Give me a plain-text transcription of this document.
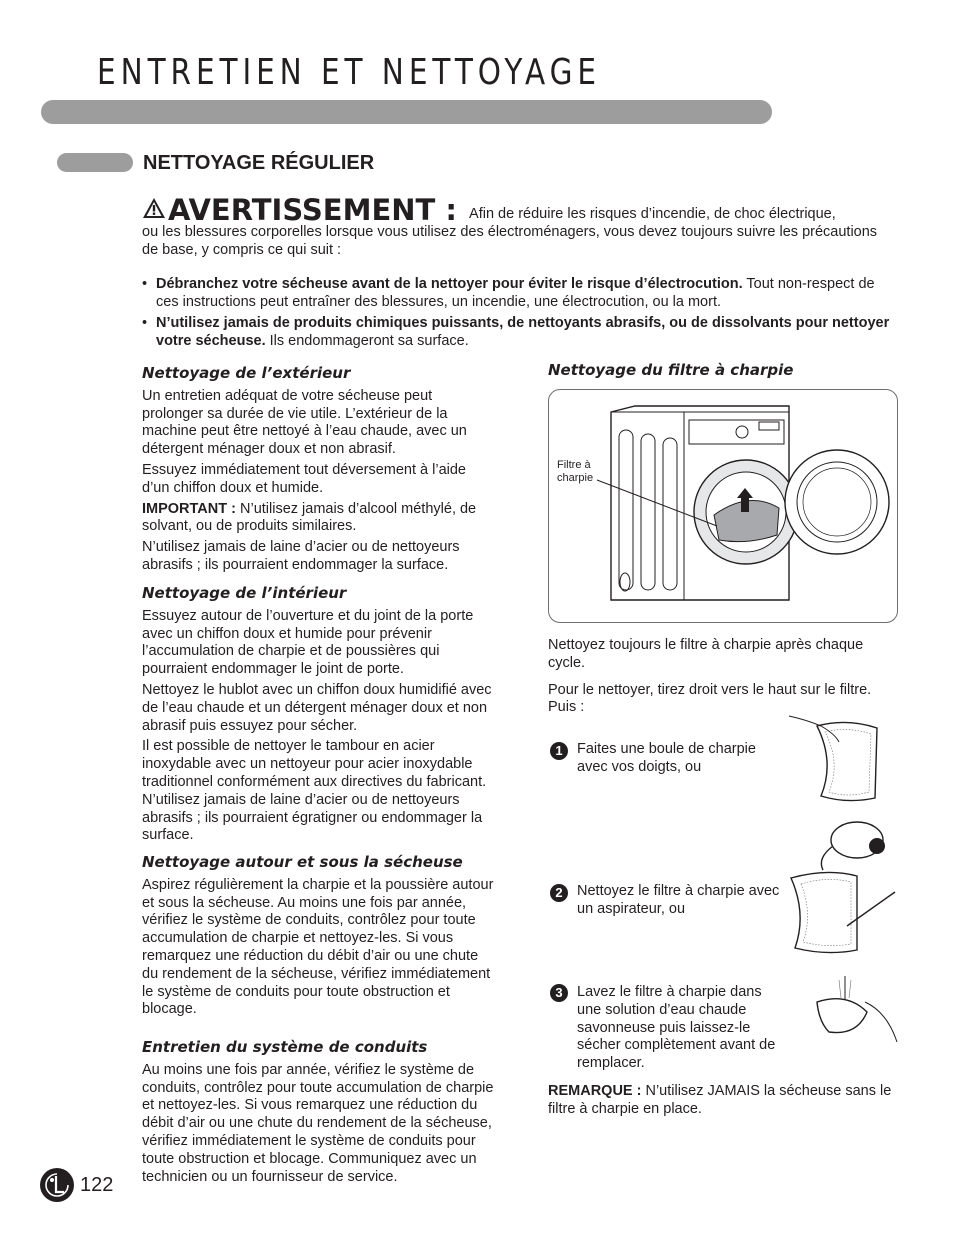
ENTRETIEN ET NETTOYAGE
NETTOYAGE RÉGULIER
AVERTISSEMENT : Afin de réduire les risques d’incendie, de choc électrique,
ou les blessures corporelles lorsque vous utilisez des électroménagers, vous devez toujours suivre les précautions de base, y compris ce qui suit :
• Débranchez votre sécheuse avant de la nettoyer pour éviter le risque d’électrocution. Tout non-respect de ces instructions peut entraîner des blessures, un incendie, une électrocution, ou la mort.
• N’utilisez jamais de produits chimiques puissants, de nettoyants abrasifs, ou de dissolvants pour nettoyer votre sécheuse. Ils endommageront sa surface.

Nettoyage de l’extérieur

Un entretien adéquat de votre sécheuse peut prolonger sa durée de vie utile. L’extérieur de la machine peut être nettoyé à l’eau chaude, avec un détergent ménager doux et non abrasif.

Essuyez immédiatement tout déversement à l’aide d’un chiffon doux et humide.

IMPORTANT : N’utilisez jamais d’alcool méthylé, de solvant, ou de produits similaires.

N’utilisez jamais de laine d’acier ou de nettoyeurs abrasifs ; ils pourraient endommager la surface.

Nettoyage de l’intérieur

Essuyez autour de l’ouverture et du joint de la porte avec un chiffon doux et humide pour prévenir l’accumulation de charpie et de poussières qui pourraient endommager le joint de porte.

Nettoyez le hublot avec un chiffon doux humidifié avec de l’eau chaude et un détergent ménager doux et non abrasif puis essuyez pour sécher.

Il est possible de nettoyer le tambour en acier inoxydable avec un nettoyeur pour acier inoxydable traditionnel conformément aux directives du fabricant. N’utilisez jamais de laine d’acier ou de nettoyeurs abrasifs ; ils pourraient égratigner ou endommager la surface.

Nettoyage autour et sous la sécheuse

Aspirez régulièrement la charpie et la poussière autour et sous la sécheuse. Au moins une fois par année, vérifiez le système de conduits, contrôlez pour toute accumulation de charpie et nettoyez-les. Si vous remarquez une réduction du débit d’air ou une chute du rendement de la sécheuse, vérifiez immédiatement le système de conduits pour toute obstruction et blocage.

Entretien du système de conduits

Au moins une fois par année, vérifiez le système de conduits, contrôlez pour toute accumulation de charpie et nettoyez-les. Si vous remarquez une réduction du débit d’air ou une chute du rendement de la sécheuse, vérifiez immédiatement le système de conduits pour toute obstruction et blocage. Communiquez avec un technicien ou un fournisseur de service.

Nettoyage du filtre à charpie
Filtre à charpie

Nettoyez toujours le filtre à charpie après chaque cycle.

Pour le nettoyer, tirez droit vers le haut sur le filtre. Puis :

1 Faites une boule de charpie avec vos doigts, ou
2 Nettoyez le filtre à charpie avec un aspirateur, ou
3 Lavez le filtre à charpie dans une solution d’eau chaude savonneuse puis laissez-le sécher complètement avant de remplacer.
REMARQUE : N’utilisez JAMAIS la sécheuse sans le filtre à charpie en place.
122
